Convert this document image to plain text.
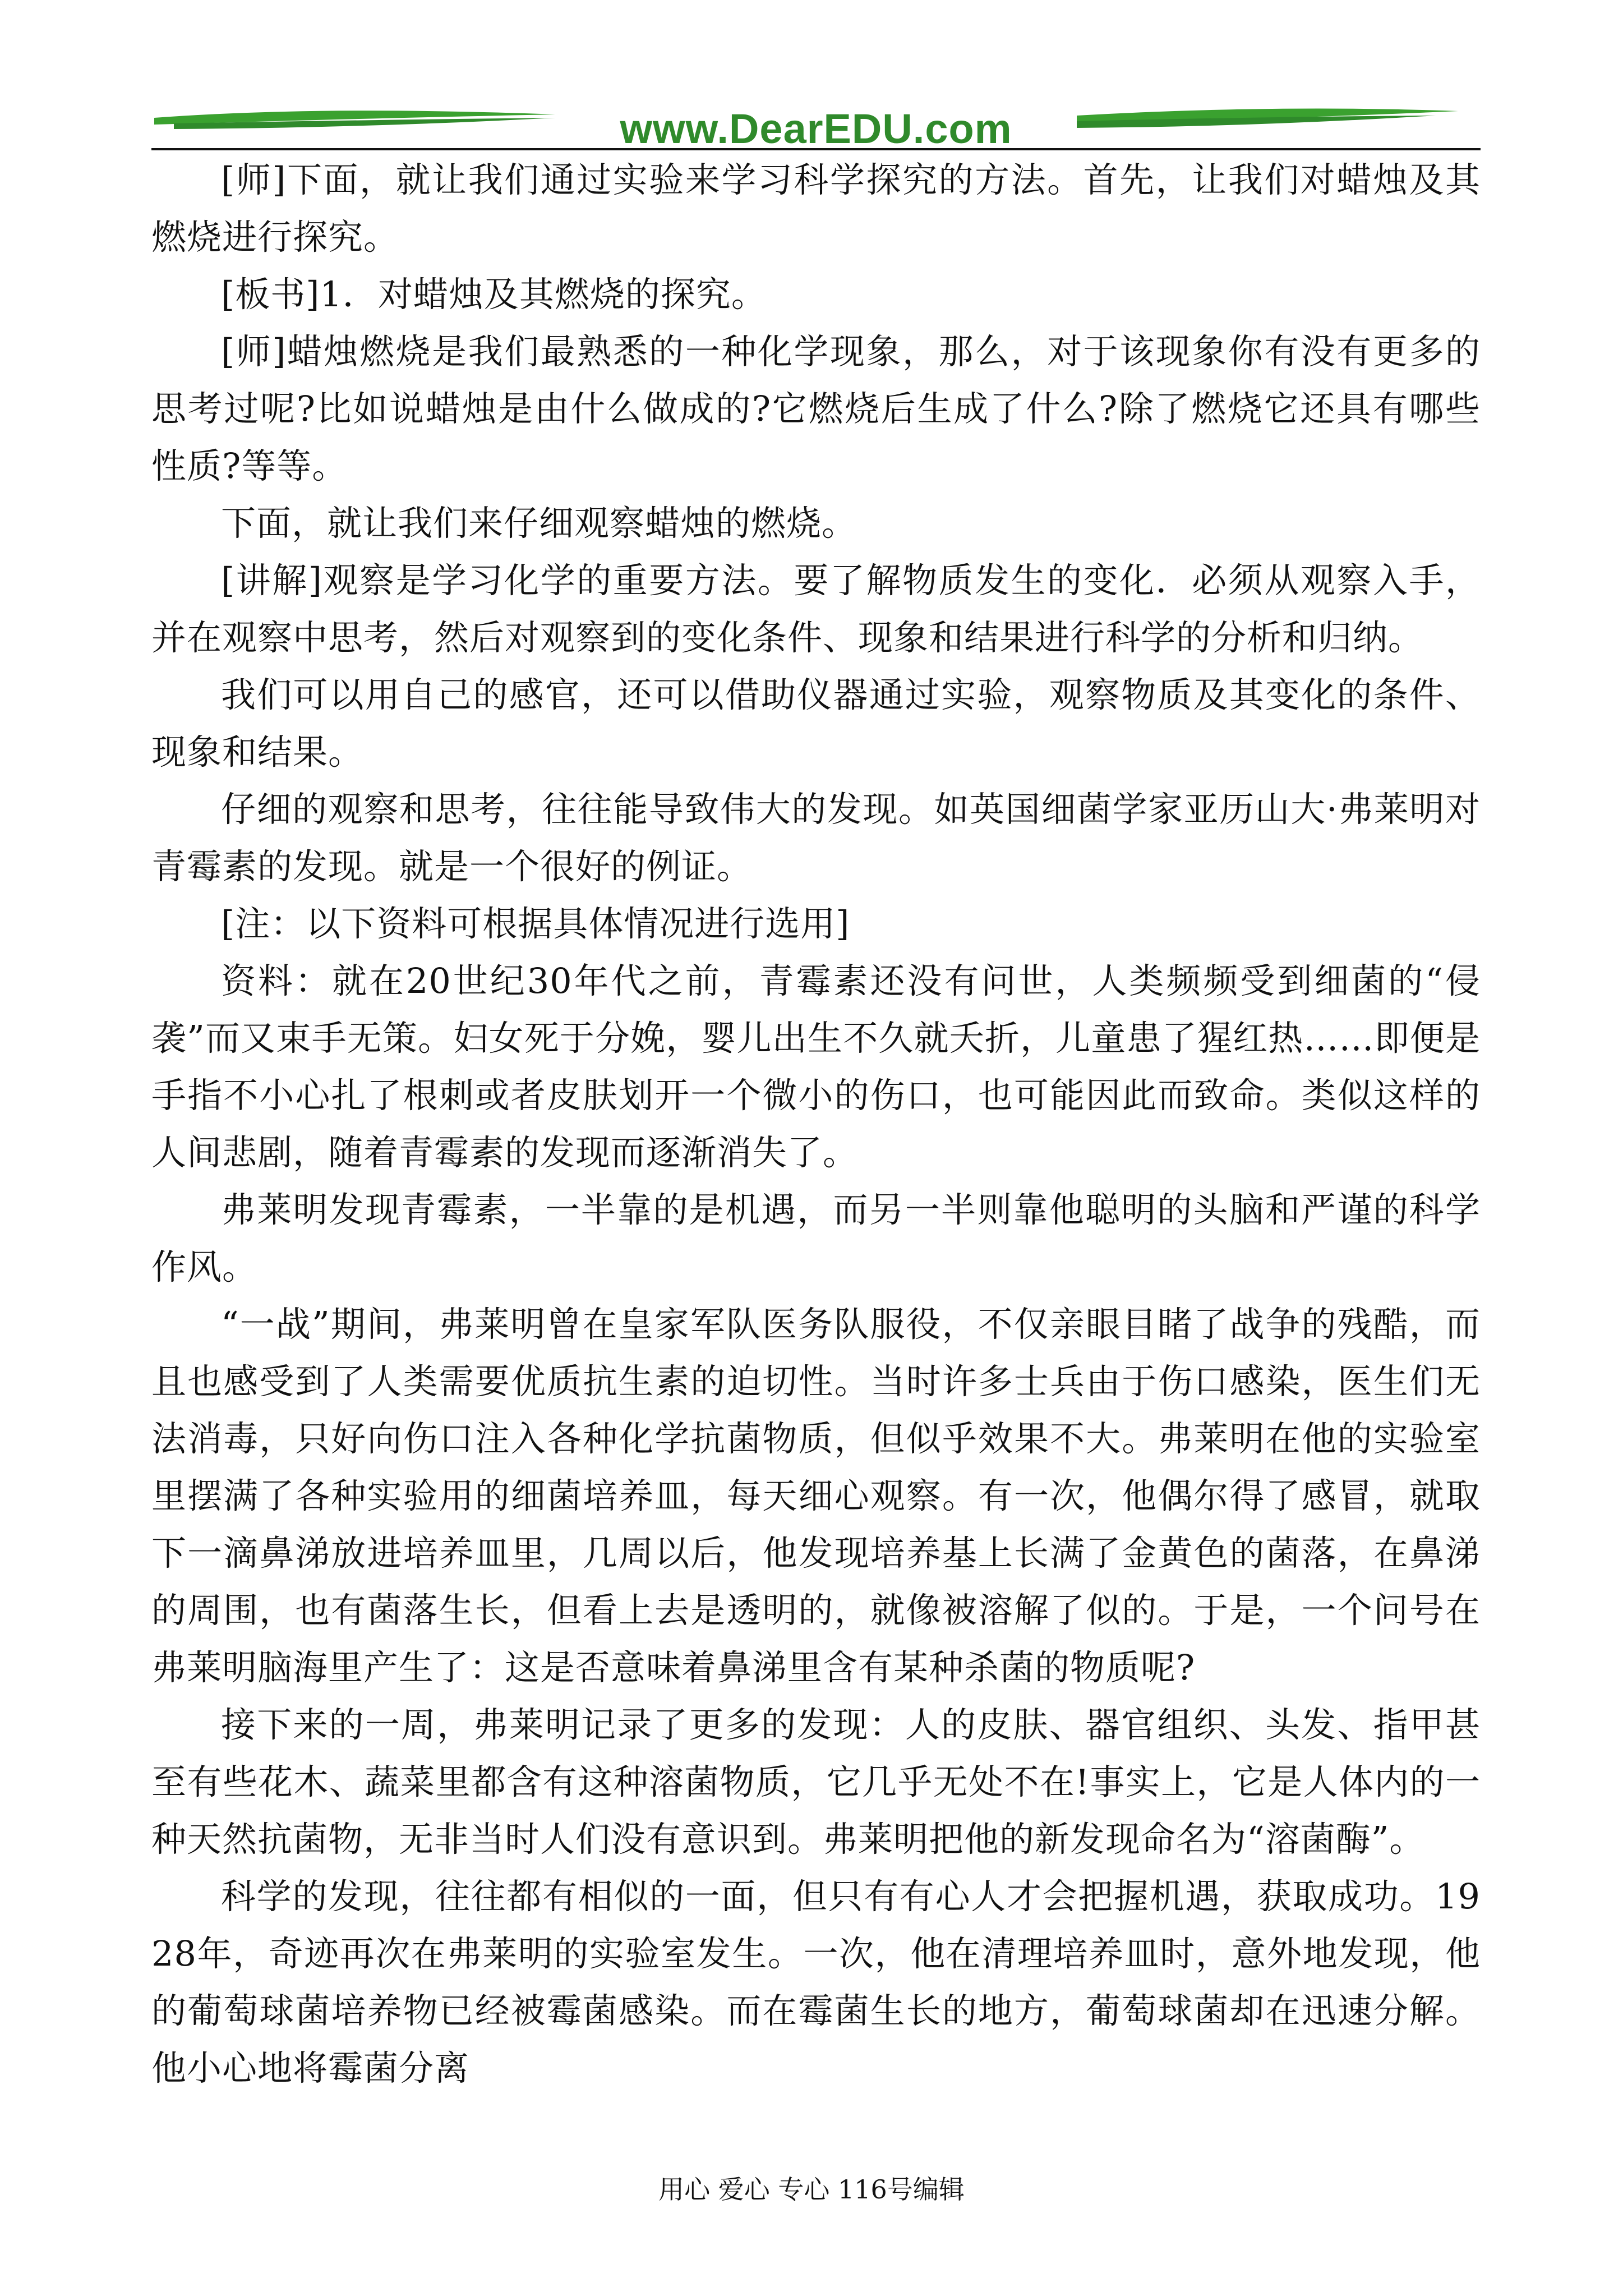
www.DearEDU.com

[师]下面，就让我们通过实验来学习科学探究的方法。首先，让我们对蜡烛及其燃烧进行探究。

[板书]1．对蜡烛及其燃烧的探究。

[师]蜡烛燃烧是我们最熟悉的一种化学现象，那么，对于该现象你有没有更多的思考过呢?比如说蜡烛是由什么做成的?它燃烧后生成了什么?除了燃烧它还具有哪些性质?等等。

下面，就让我们来仔细观察蜡烛的燃烧。

[讲解]观察是学习化学的重要方法。要了解物质发生的变化．必须从观察入手，并在观察中思考，然后对观察到的变化条件、现象和结果进行科学的分析和归纳。

我们可以用自己的感官，还可以借助仪器通过实验，观察物质及其变化的条件、现象和结果。

仔细的观察和思考，往往能导致伟大的发现。如英国细菌学家亚历山大·弗莱明对青霉素的发现。就是一个很好的例证。

[注：以下资料可根据具体情况进行选用]

资料：就在20世纪30年代之前，青霉素还没有问世，人类频频受到细菌的“侵袭”而又束手无策。妇女死于分娩，婴儿出生不久就夭折，儿童患了猩红热……即便是手指不小心扎了根刺或者皮肤划开一个微小的伤口，也可能因此而致命。类似这样的人间悲剧，随着青霉素的发现而逐渐消失了。

弗莱明发现青霉素，一半靠的是机遇，而另一半则靠他聪明的头脑和严谨的科学作风。

“一战”期间，弗莱明曾在皇家军队医务队服役，不仅亲眼目睹了战争的残酷，而且也感受到了人类需要优质抗生素的迫切性。当时许多士兵由于伤口感染，医生们无法消毒，只好向伤口注入各种化学抗菌物质，但似乎效果不大。弗莱明在他的实验室里摆满了各种实验用的细菌培养皿，每天细心观察。有一次，他偶尔得了感冒，就取下一滴鼻涕放进培养皿里，几周以后，他发现培养基上长满了金黄色的菌落，在鼻涕的周围，也有菌落生长，但看上去是透明的，就像被溶解了似的。于是，一个问号在弗莱明脑海里产生了：这是否意味着鼻涕里含有某种杀菌的物质呢?

接下来的一周，弗莱明记录了更多的发现：人的皮肤、器官组织、头发、指甲甚至有些花木、蔬菜里都含有这种溶菌物质，它几乎无处不在!事实上，它是人体内的一种天然抗菌物，无非当时人们没有意识到。弗莱明把他的新发现命名为“溶菌酶”。

科学的发现，往往都有相似的一面，但只有有心人才会把握机遇，获取成功。1928年，奇迹再次在弗莱明的实验室发生。一次，他在清理培养皿时，意外地发现，他的葡萄球菌培养物已经被霉菌感染。而在霉菌生长的地方，葡萄球菌却在迅速分解。他小心地将霉菌分离

用心 爱心 专心 116号编辑
